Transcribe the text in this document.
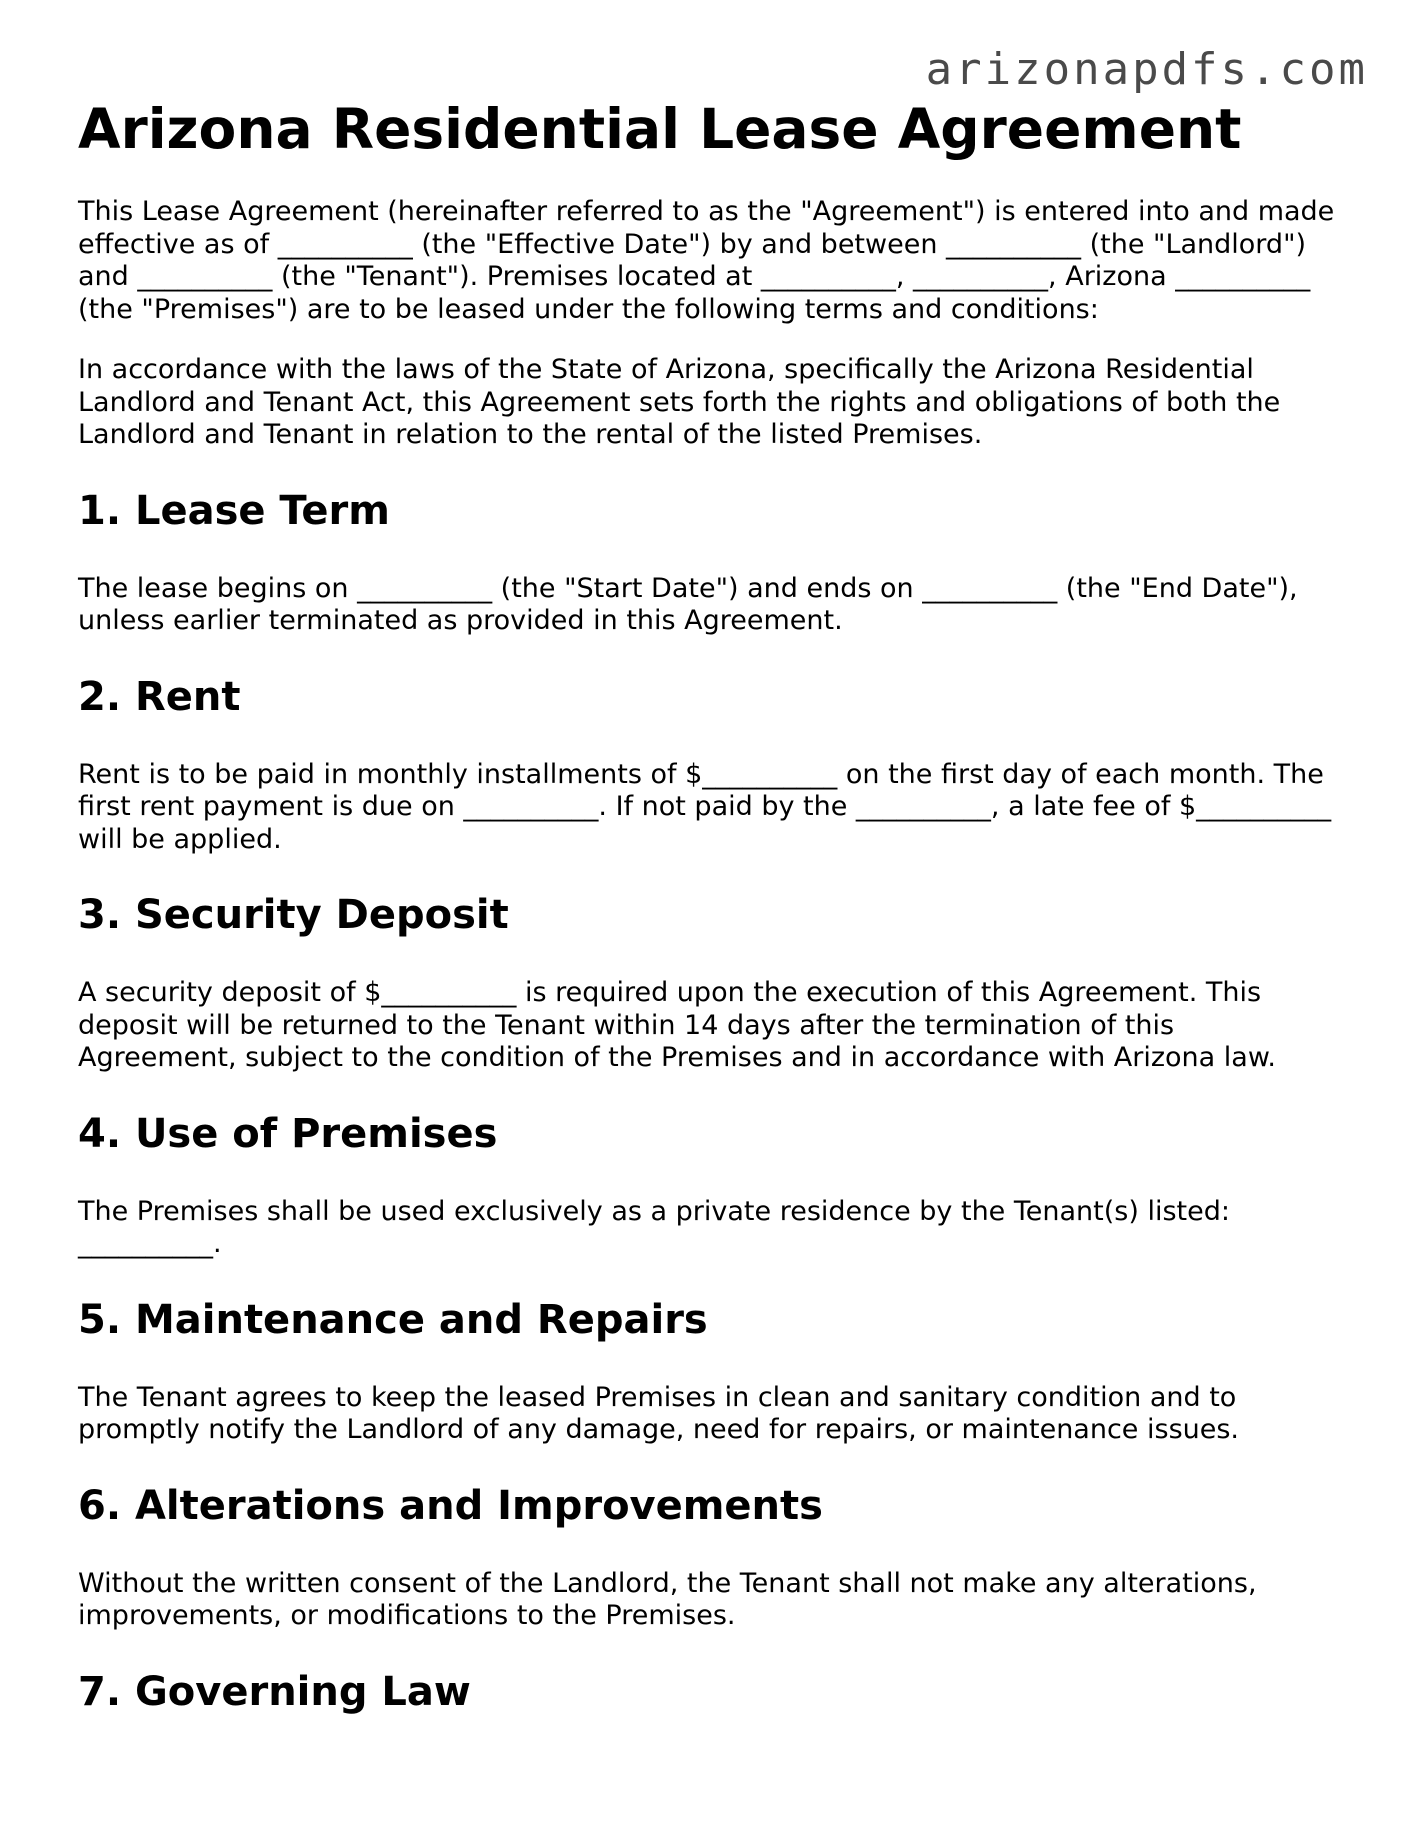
arizonapdfs.com
Arizona Residential Lease Agreement

This Lease Agreement (hereinafter referred to as the "Agreement") is entered into and made effective as of __________ (the "Effective Date") by and between __________ (the "Landlord") and __________ (the "Tenant"). Premises located at __________, __________, Arizona __________ (the "Premises") are to be leased under the following terms and conditions:

In accordance with the laws of the State of Arizona, specifically the Arizona Residential Landlord and Tenant Act, this Agreement sets forth the rights and obligations of both the Landlord and Tenant in relation to the rental of the listed Premises.

1. Lease Term

The lease begins on __________ (the "Start Date") and ends on __________ (the "End Date"), unless earlier terminated as provided in this Agreement.

2. Rent

Rent is to be paid in monthly installments of $__________ on the first day of each month. The first rent payment is due on __________. If not paid by the __________, a late fee of $__________ will be applied.

3. Security Deposit

A security deposit of $__________ is required upon the execution of this Agreement. This deposit will be returned to the Tenant within 14 days after the termination of this Agreement, subject to the condition of the Premises and in accordance with Arizona law.

4. Use of Premises

The Premises shall be used exclusively as a private residence by the Tenant(s) listed: __________.

5. Maintenance and Repairs

The Tenant agrees to keep the leased Premises in clean and sanitary condition and to promptly notify the Landlord of any damage, need for repairs, or maintenance issues.

6. Alterations and Improvements

Without the written consent of the Landlord, the Tenant shall not make any alterations, improvements, or modifications to the Premises.

7. Governing Law
